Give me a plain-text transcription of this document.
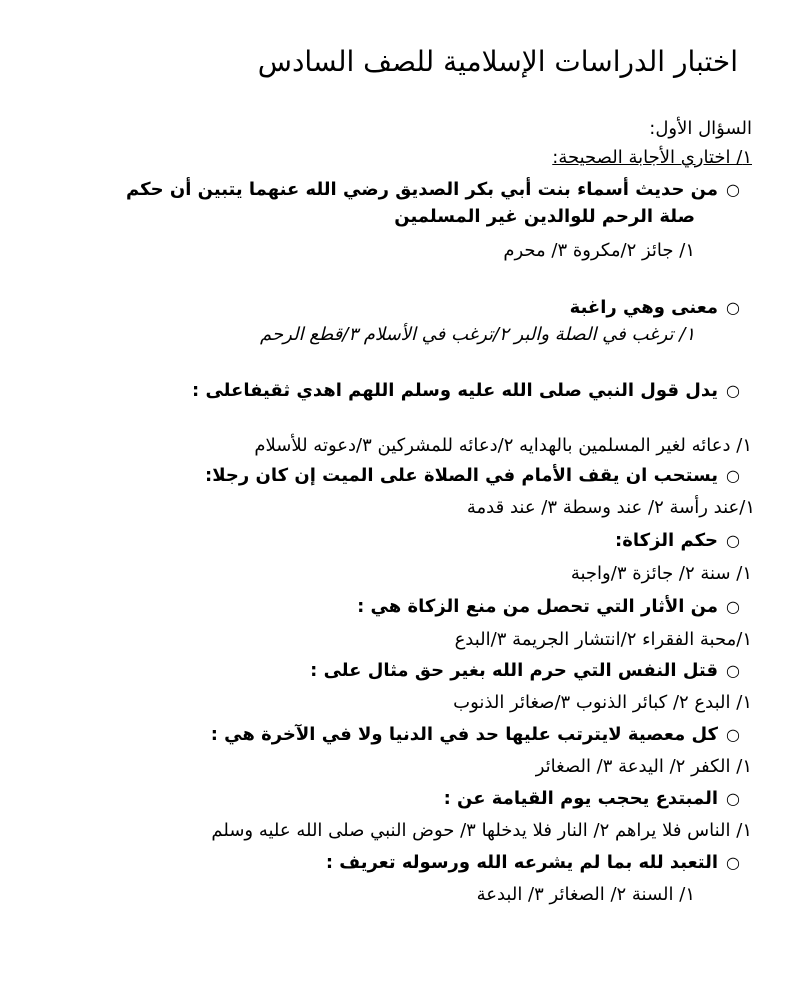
اختبار الدراسات الإسلامية للصف السادس
السؤال الأول:
١/ اختاري الأجابة الصحيحة:
○من حديث أسماء بنت أبي بكر الصديق رضي الله عنهما يتبين أن حكم
صلة الرحم للوالدين غير المسلمين
١/ جائز ٢/مكروة ٣/ محرم
○معنى وهي راغبة
١/ ترغب في الصلة والبر ٢/ترغب في الأسلام ٣/قطع الرحم
○يدل قول النبي صلى الله عليه وسلم اللهم اهدي ثقيفاعلى :
١/ دعائه لغير المسلمين بالهدايه ٢/دعائه للمشركين ٣/دعوته للأسلام
○يستحب ان يقف الأمام في الصلاة على الميت إن كان رجلا:
١/عند رأسة ٢/ عند وسطة ٣/ عند قدمة
○حكم الزكاة:
١/ سنة ٢/ جائزة ٣/واجبة
○من الأثار التي تحصل من منع الزكاة هي :
١/محبة الفقراء ٢/انتشار الجريمة ٣/البدع
○قتل النفس التي حرم الله بغير حق مثال على :
١/ البدع ٢/ كبائر الذنوب ٣/صغائر الذنوب
○كل معصية لايترتب عليها حد في الدنيا ولا في الآخرة هي :
١/ الكفر ٢/ اليدعة ٣/ الصغائر
○المبتدع يحجب يوم القيامة عن :
١/ الناس فلا يراهم ٢/ النار فلا يدخلها ٣/ حوض النبي صلى الله عليه وسلم
○التعبد لله بما لم يشرعه الله ورسوله تعريف :
١/ السنة ٢/ الصغائر ٣/ البدعة
